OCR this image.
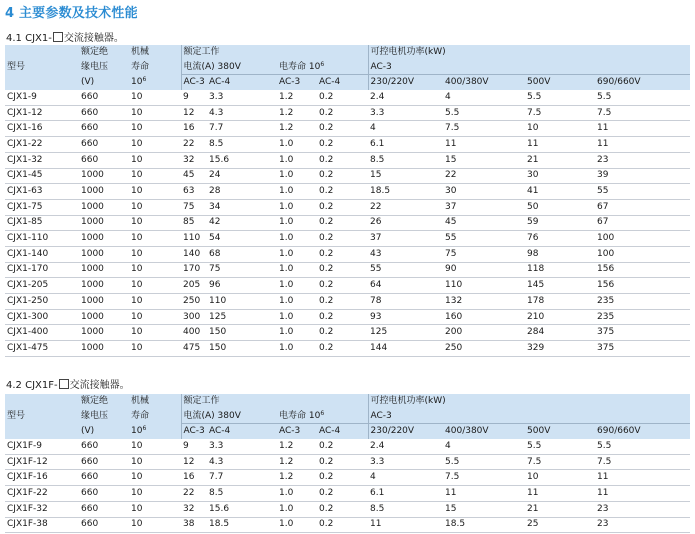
4 主要参数及技术性能
4.1 CJX1- 交流接触器。
	额定绝	机械	额定工作				可控电机功率(kW)			
型号	缘电压	寿命	电流(A) 380V		电寿命 $10^6$		AC-3			
	(V)	$10^6$	AC-3	AC-4	AC-3	AC-4	230/220V	400/380V	500V	690/660V
CJX1-9	660	10	9	3.3	1.2	0.2	2.4	4	5.5	5.5
CJX1-12	660	10	12	4.3	1.2	0.2	3.3	5.5	7.5	7.5
CJX1-16	660	10	16	7.7	1.2	0.2	4	7.5	10	11
CJX1-22	660	10	22	8.5	1.0	0.2	6.1	11	11	11
CJX1-32	660	10	32	15.6	1.0	0.2	8.5	15	21	23
CJX1-45	1000	10	45	24	1.0	0.2	15	22	30	39
CJX1-63	1000	10	63	28	1.0	0.2	18.5	30	41	55
CJX1-75	1000	10	75	34	1.0	0.2	22	37	50	67
CJX1-85	1000	10	85	42	1.0	0.2	26	45	59	67
CJX1-110	1000	10	110	54	1.0	0.2	37	55	76	100
CJX1-140	1000	10	140	68	1.0	0.2	43	75	98	100
CJX1-170	1000	10	170	75	1.0	0.2	55	90	118	156
CJX1-205	1000	10	205	96	1.0	0.2	64	110	145	156
CJX1-250	1000	10	250	110	1.0	0.2	78	132	178	235
CJX1-300	1000	10	300	125	1.0	0.2	93	160	210	235
CJX1-400	1000	10	400	150	1.0	0.2	125	200	284	375
CJX1-475	1000	10	475	150	1.0	0.2	144	250	329	375
4.2 CJX1F- 交流接触器。
	额定绝	机械	额定工作				可控电机功率(kW)			
型号	缘电压	寿命	电流(A) 380V		电寿命 $10^6$		AC-3			
	(V)	$10^6$	AC-3	AC-4	AC-3	AC-4	230/220V	400/380V	500V	690/660V
CJX1F-9	660	10	9	3.3	1.2	0.2	2.4	4	5.5	5.5
CJX1F-12	660	10	12	4.3	1.2	0.2	3.3	5.5	7.5	7.5
CJX1F-16	660	10	16	7.7	1.2	0.2	4	7.5	10	11
CJX1F-22	660	10	22	8.5	1.0	0.2	6.1	11	11	11
CJX1F-32	660	10	32	15.6	1.0	0.2	8.5	15	21	23
CJX1F-38	660	10	38	18.5	1.0	0.2	11	18.5	25	23
